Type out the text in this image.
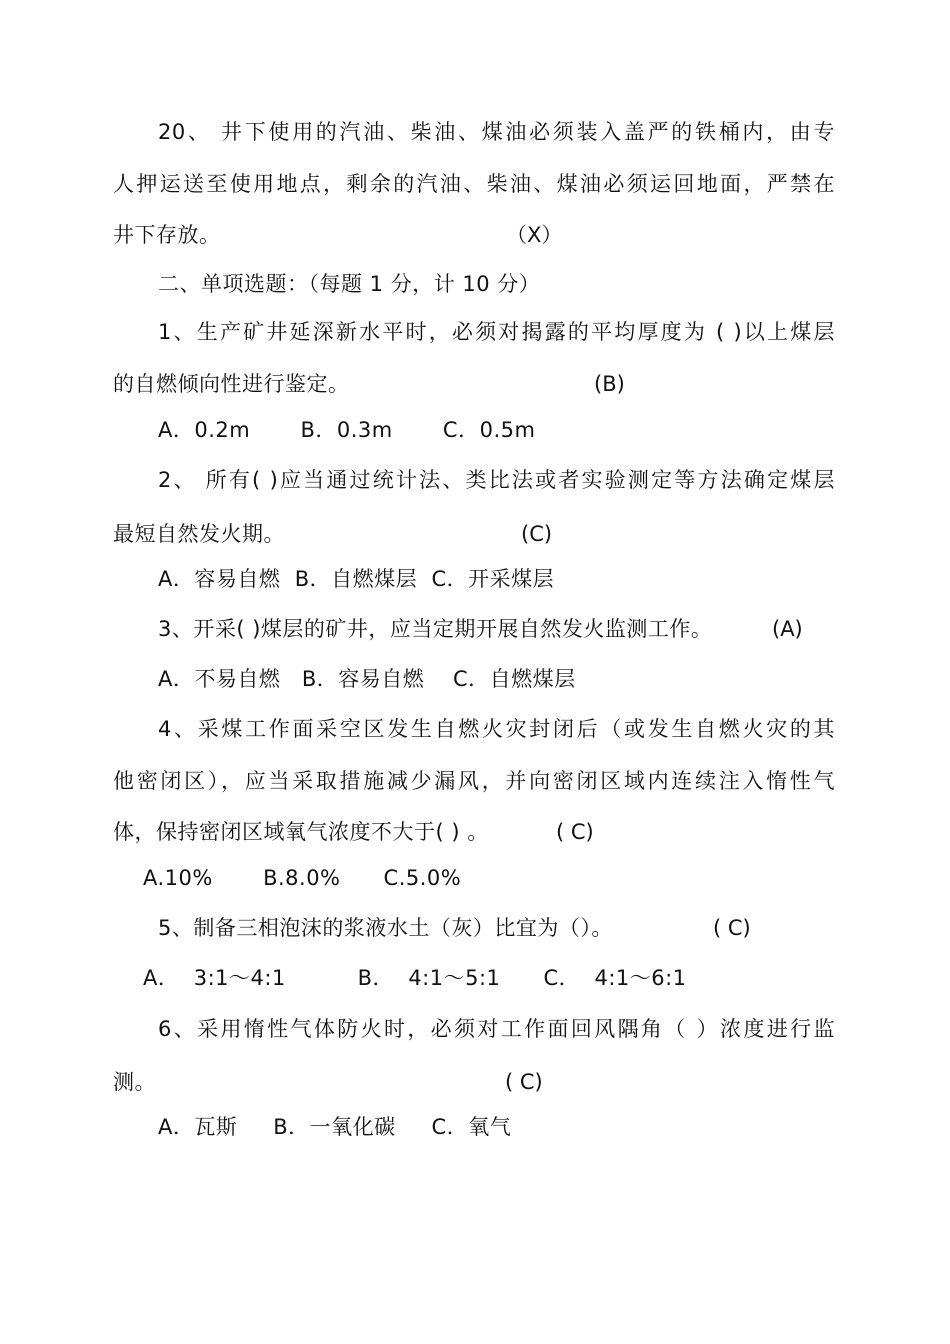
20、 井下使用的汽油、柴油、煤油必须装入盖严的铁桶内，由专
人押运送至使用地点，剩余的汽油、柴油、煤油必须运回地面，严禁在
井下存放。	（X）
二、单项选题：（每题 1 分，计 10 分）
1、生产矿井延深新水平时，必须对揭露的平均厚度为 ( )以上煤层
的自燃倾向性进行鉴定。	(B)
A．0.2m       B．0.3m       C．0.5m
2、 所有( )应当通过统计法、类比法或者实验测定等方法确定煤层
最短自然发火期。	(C)
A．容易自燃  B．自燃煤层  C．开采煤层
3、开采( )煤层的矿井，应当定期开展自然发火监测工作。	(A)
A．不易自燃   B．容易自燃    C．自燃煤层
4、采煤工作面采空区发生自燃火灾封闭后（或发生自燃火灾的其
他密闭区），应当采取措施减少漏风，并向密闭区域内连续注入惰性气
体，保持密闭区域氧气浓度不大于( ) 。	( C)
A.10%       B.8.0%      C.5.0%
5、制备三相泡沫的浆液水土（灰）比宜为（）。	( C)
A．  3:1～4:1          B．  4:1～5:1      C．  4:1～6:1
6、采用惰性气体防火时，必须对工作面回风隅角（ ）浓度进行监
测。	( C)
A．瓦斯     B．一氧化碳     C．氧气
